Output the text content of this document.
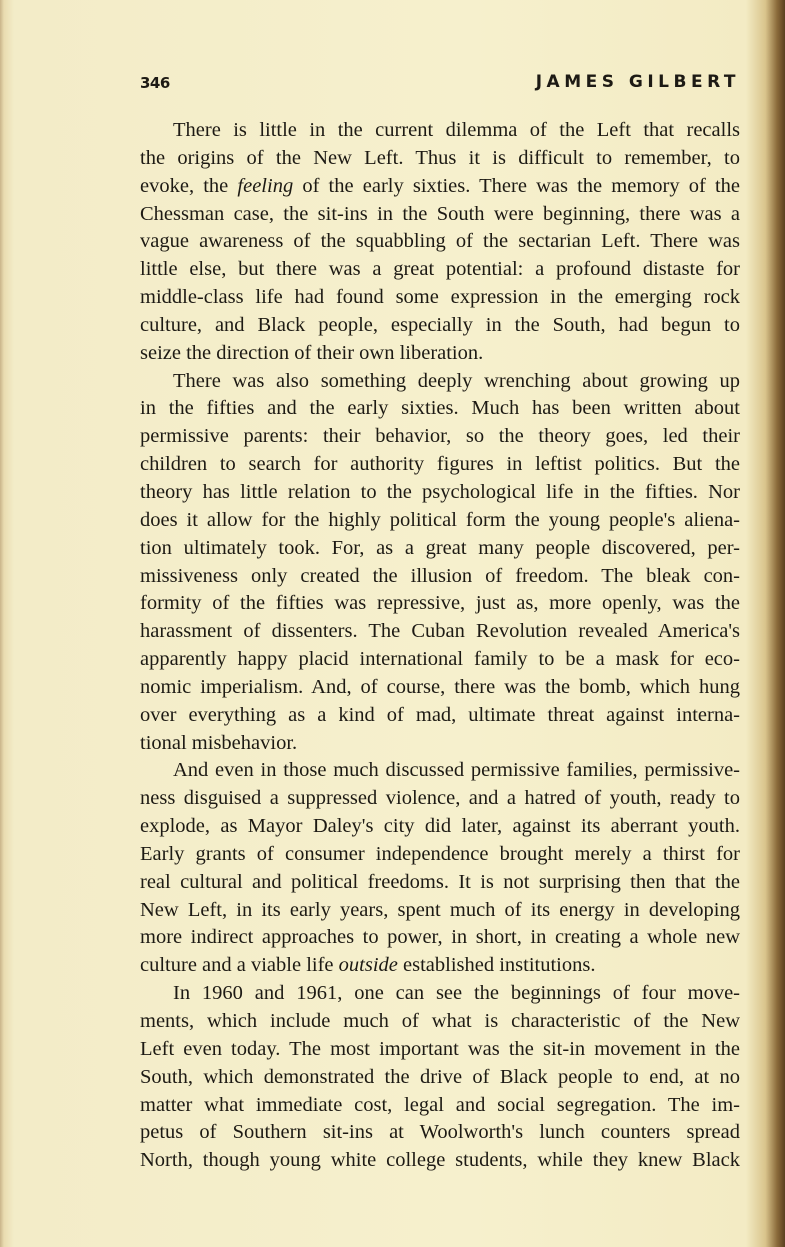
346	JAMES GILBERT
There is little in the current dilemma of the Left that recalls
the origins of the New Left. Thus it is difficult to remember, to
evoke, the feeling of the early sixties. There was the memory of the
Chessman case, the sit-ins in the South were beginning, there was a
vague awareness of the squabbling of the sectarian Left. There was
little else, but there was a great potential: a profound distaste for
middle-class life had found some expression in the emerging rock
culture, and Black people, especially in the South, had begun to
seize the direction of their own liberation.
There was also something deeply wrenching about growing up
in the fifties and the early sixties. Much has been written about
permissive parents: their behavior, so the theory goes, led their
children to search for authority figures in leftist politics. But the
theory has little relation to the psychological life in the fifties. Nor
does it allow for the highly political form the young people's aliena-
tion ultimately took. For, as a great many people discovered, per-
missiveness only created the illusion of freedom. The bleak con-
formity of the fifties was repressive, just as, more openly, was the
harassment of dissenters. The Cuban Revolution revealed America's
apparently happy placid international family to be a mask for eco-
nomic imperialism. And, of course, there was the bomb, which hung
over everything as a kind of mad, ultimate threat against interna-
tional misbehavior.
And even in those much discussed permissive families, permissive-
ness disguised a suppressed violence, and a hatred of youth, ready to
explode, as Mayor Daley's city did later, against its aberrant youth.
Early grants of consumer independence brought merely a thirst for
real cultural and political freedoms. It is not surprising then that the
New Left, in its early years, spent much of its energy in developing
more indirect approaches to power, in short, in creating a whole new
culture and a viable life outside established institutions.
In 1960 and 1961, one can see the beginnings of four move-
ments, which include much of what is characteristic of the New
Left even today. The most important was the sit-in movement in the
South, which demonstrated the drive of Black people to end, at no
matter what immediate cost, legal and social segregation. The im-
petus of Southern sit-ins at Woolworth's lunch counters spread
North, though young white college students, while they knew Black
